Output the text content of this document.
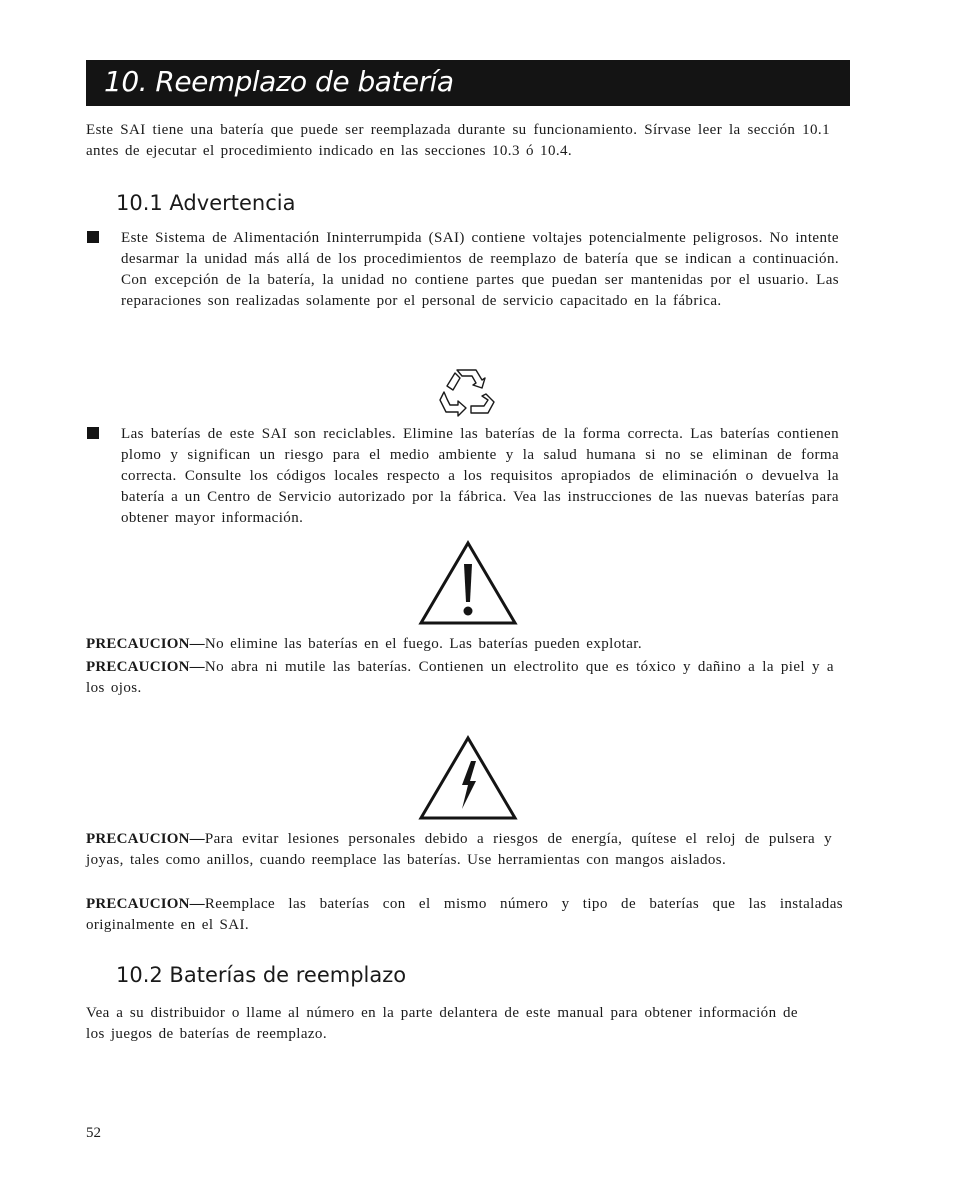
10. Reemplazo de batería

Este SAI tiene una batería que puede ser reemplazada durante su funcionamiento. Sírvase leer la sección 10.1 antes de ejecutar el procedimiento indicado en las secciones 10.3 ó 10.4.

10.1 Advertencia

Este Sistema de Alimentación Ininterrumpida (SAI) contiene voltajes potencialmente peligrosos. No intente desarmar la unidad más allá de los procedimientos de reemplazo de batería que se indican a continuación. Con excepción de la batería, la unidad no contiene partes que puedan ser mantenidas por el usuario. Las reparaciones son realizadas solamente por el personal de servicio capacitado en la fábrica.

Las baterías de este SAI son reciclables. Elimine las baterías de la forma correcta. Las baterías contienen plomo y significan un riesgo para el medio ambiente y la salud humana si no se eliminan de forma correcta. Consulte los códigos locales respecto a los requisitos apropiados de eliminación o devuelva la batería a un Centro de Servicio autorizado por la fábrica. Vea las instrucciones de las nuevas baterías para obtener mayor información.

PRECAUCION—No elimine las baterías en el fuego. Las baterías pueden explotar.

PRECAUCION—No abra ni mutile las baterías. Contienen un electrolito que es tóxico y dañino a la piel y a los ojos.

PRECAUCION—Para evitar lesiones personales debido a riesgos de energía, quítese el reloj de pulsera y joyas, tales como anillos, cuando reemplace las baterías. Use herramientas con mangos aislados.

PRECAUCION—Reemplace las baterías con el mismo número y tipo de baterías que las instaladas originalmente en el SAI.

10.2 Baterías de reemplazo

Vea a su distribuidor o llame al número en la parte delantera de este manual para obtener información de los juegos de baterías de reemplazo.

52
